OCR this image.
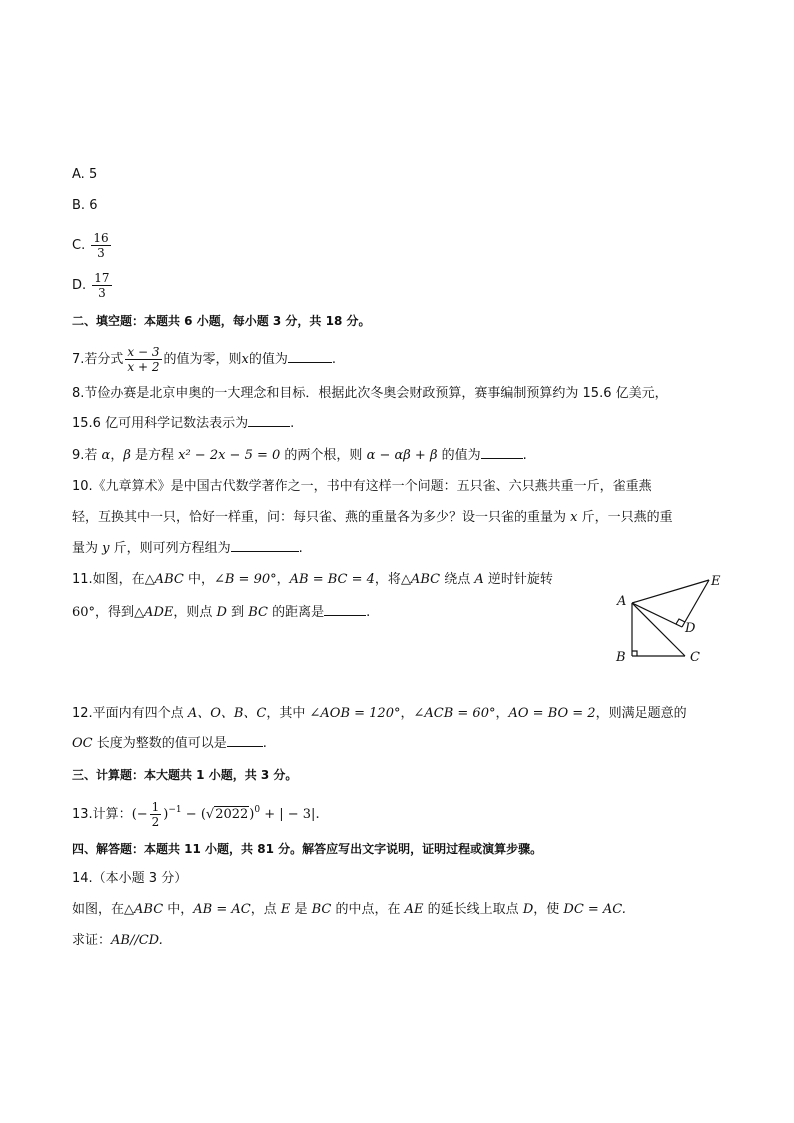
A. 5
B. 6
C. $\frac{16}{3}$
D. $\frac{17}{3}$
二、填空题：本题共 6 小题，每小题 3 分，共 18 分。
7.若分式 $\frac{x - 3}{x + 2}$ 的值为零，则x的值为	.
8.节俭办赛是北京申奥的一大理念和目标．根据此次冬奥会财政预算，赛事编制预算约为 15.6 亿美元，
15.6 亿可用科学记数法表示为	.
9.若 α，β 是方程 x² − 2x − 5 = 0 的两个根，则 α − αβ + β 的值为	.
10.《九章算术》是中国古代数学著作之一，书中有这样一个问题：五只雀、六只燕共重一斤，雀重燕
轻，互换其中一只，恰好一样重，问：每只雀、燕的重量各为多少？设一只雀的重量为 x 斤，一只燕的重
量为 y 斤，则可列方程组为	.
11.如图，在△ABC 中，∠B = 90°，AB = BC = 4，将△ABC 绕点 A 逆时针旋转
60°，得到△ADE，则点 D 到 BC 的距离是	.
A
B	C
D
E
12.平面内有四个点 A、O、B、C，其中 ∠AOB = 120°，∠ACB = 60°，AO = BO = 2，则满足题意的
OC 长度为整数的值可以是	.
三、计算题：本大题共 1 小题，共 3 分。
13.计算：(− $\frac{1}{2} )^{-1} - (√2022)^0$ + | − 3|.
四、解答题：本题共 11 小题，共 81 分。解答应写出文字说明，证明过程或演算步骤。
14.（本小题 3 分）
如图，在△ABC 中，AB = AC，点 E 是 BC 的中点，在 AE 的延长线上取点 D，使 DC = AC.
求证：AB//CD.
